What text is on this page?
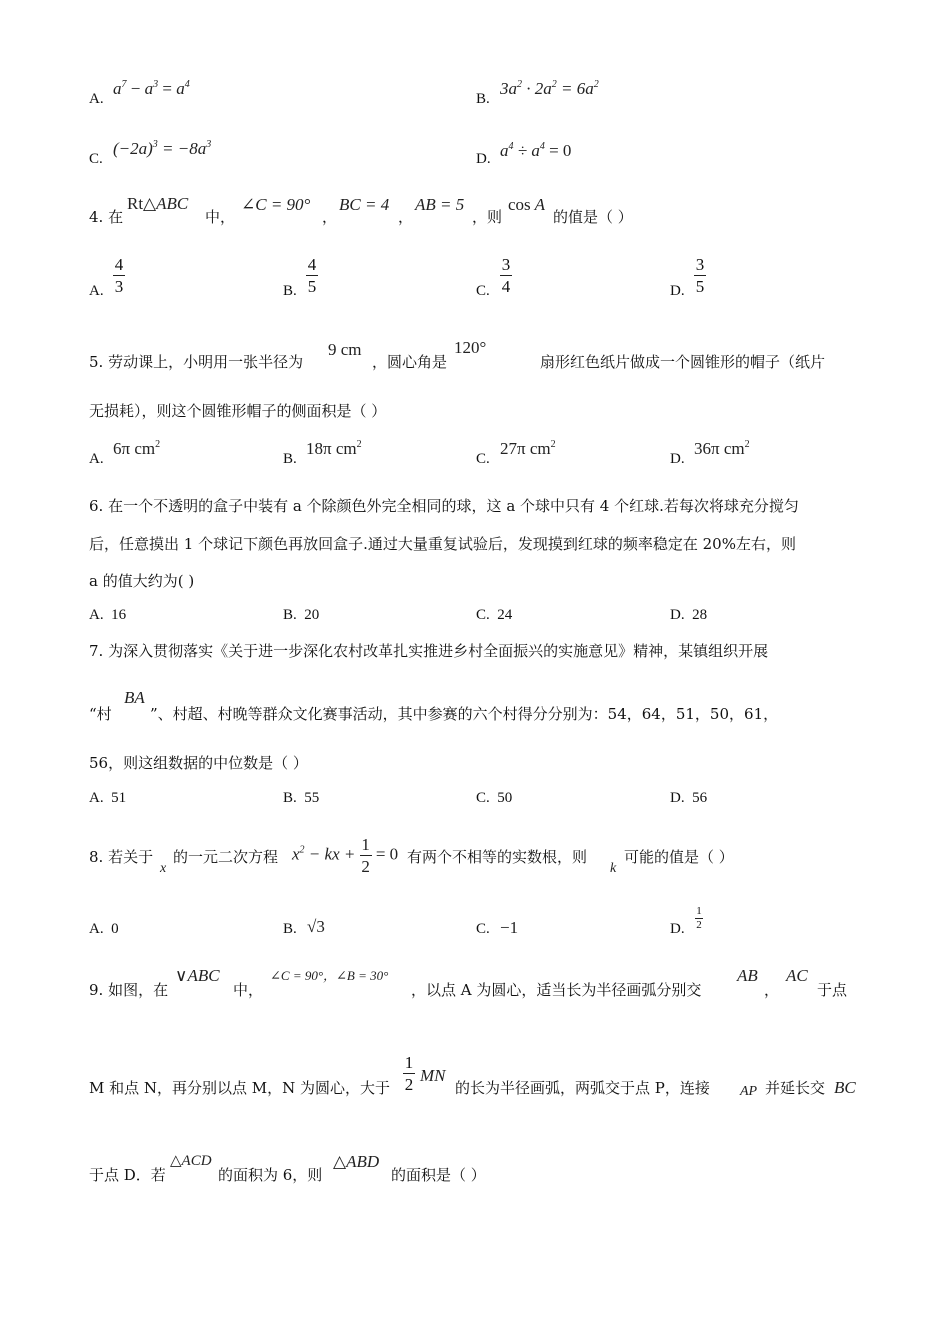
A.
$a^7 - a^3 = a^4$
B.
$3a^2 \cdot 2a^2 = 6a^2$
C.
$(-2a)^3 = -8a^3$
D. $a^4 \div a^4 = 0$
4. 在
Rt△ABC
中，
∠C = 90°
，
BC = 4
，
AB = 5
，则
cos A
的值是（ ）
A.
4
3	B.
4
5	C.
3
4	D.
3
5
5. 劳动课上，小明用一张半径为
9 cm
，圆心角是
120°
扇形红色纸片做成一个圆锥形的帽子（纸片
无损耗），则这个圆锥形帽子的侧面积是（ ）
A.
6π $cm^2$
B.
18π $cm^2$
C.
27π $cm^2$
D.
36π $cm^2$
6. 在一个不透明的盒子中装有 a 个除颜色外完全相同的球，这 a 个球中只有 4 个红球.若每次将球充分搅匀
后，任意摸出 1 个球记下颜色再放回盒子.通过大量重复试验后，发现摸到红球的频率稳定在 20%左右，则
a 的值大约为( )
A. 16	B. 20	C. 24	D. 28
7. 为深入贯彻落实《关于进一步深化农村改革扎实推进乡村全面振兴的实施意见》精神，某镇组织开展
“村
BA
”、村超、村晚等群众文化赛事活动，其中参赛的六个村得分分别为：54，64，51，50，61，
56，则这组数据的中位数是（ ）
A. 51	B. 55	C. 50	D. 56
8. 若关于
x
的一元二次方程 $x^2$ − kx + $\frac{1}{2} = 0$ 有两个不相等的实数根，则
k
可能的值是（ ）
A. 0	B. √3	C. −1	D.
1
2
9. 如图，在
∨ABC
中，
∠C = 90°，∠B = 30°
，以点 A 为圆心，适当长为半径画弧分别交
AB
，
AC
于点
M 和点 N，再分别以点 M，N 为圆心，大于
1
2 MN
的长为半径画弧，两弧交于点 P，连接 AP 并延长交 BC
于点 D．若
△ACD
的面积为 6，则
△ABD
的面积是（ ）
